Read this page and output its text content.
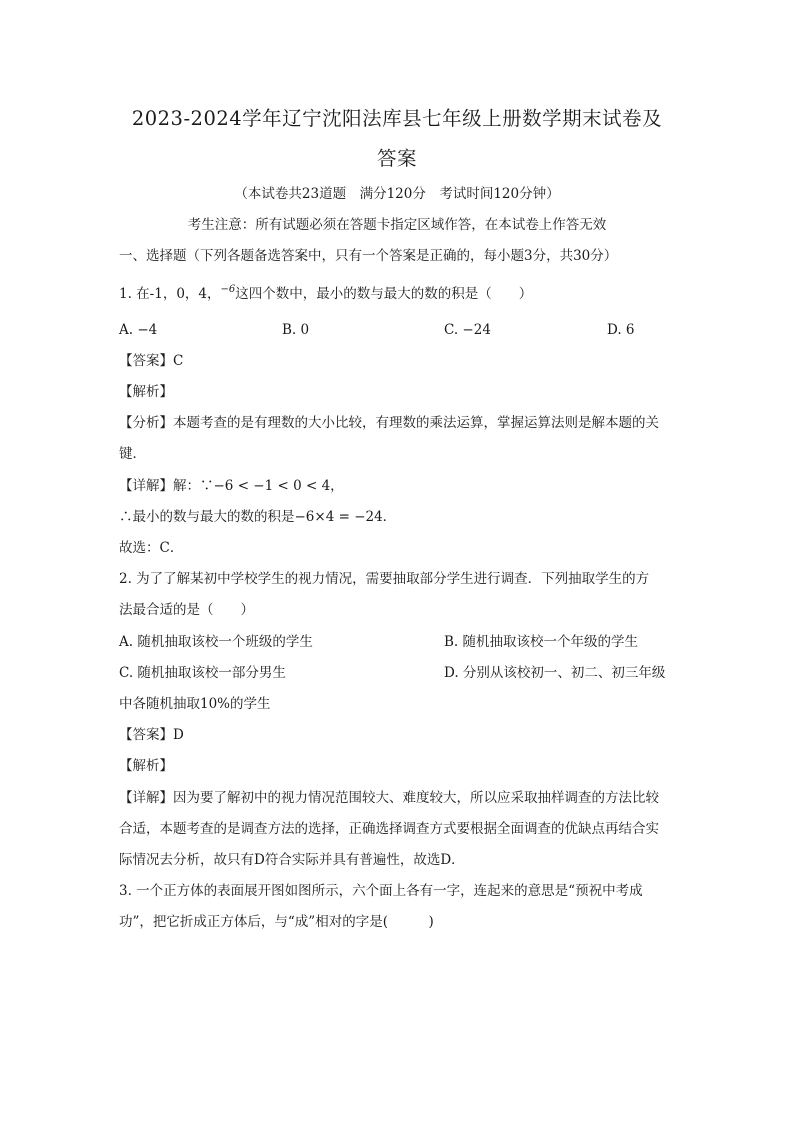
2023-2024学年辽宁沈阳法库县七年级上册数学期末试卷及
答案
（本试卷共23道题　满分120分　考试时间120分钟）
考生注意：所有试题必须在答题卡指定区域作答，在本试卷上作答无效
一、选择题（下列各题备选答案中，只有一个答案是正确的，每小题3分，共30分）
1. 在-1，0，4，$^{-6}$这四个数中，最小的数与最大的数的积是（　　）
A. −4	B. 0	C. −24	D. 6
【答案】C
【解析】
【分析】本题考查的是有理数的大小比较，有理数的乘法运算，掌握运算法则是解本题的关
键．
【详解】解：∵−6 < −1 < 0 < 4，
∴最小的数与最大的数的积是−6×4 = −24．
故选：C．
2. 为了了解某初中学校学生的视力情况，需要抽取部分学生进行调查．下列抽取学生的方
法最合适的是（　　）
A. 随机抽取该校一个班级的学生	B. 随机抽取该校一个年级的学生
C. 随机抽取该校一部分男生	D. 分别从该校初一、初二、初三年级
中各随机抽取10%的学生
【答案】D
【解析】
【详解】因为要了解初中的视力情况范围较大、难度较大，所以应采取抽样调查的方法比较
合适，本题考查的是调查方法的选择，正确选择调查方式要根据全面调查的优缺点再结合实
际情况去分析，故只有D符合实际并具有普遍性，故选D．
3. 一个正方体的表面展开图如图所示，六个面上各有一字，连起来的意思是“预祝中考成
功”，把它折成正方体后，与“成”相对的字是(　　　)
